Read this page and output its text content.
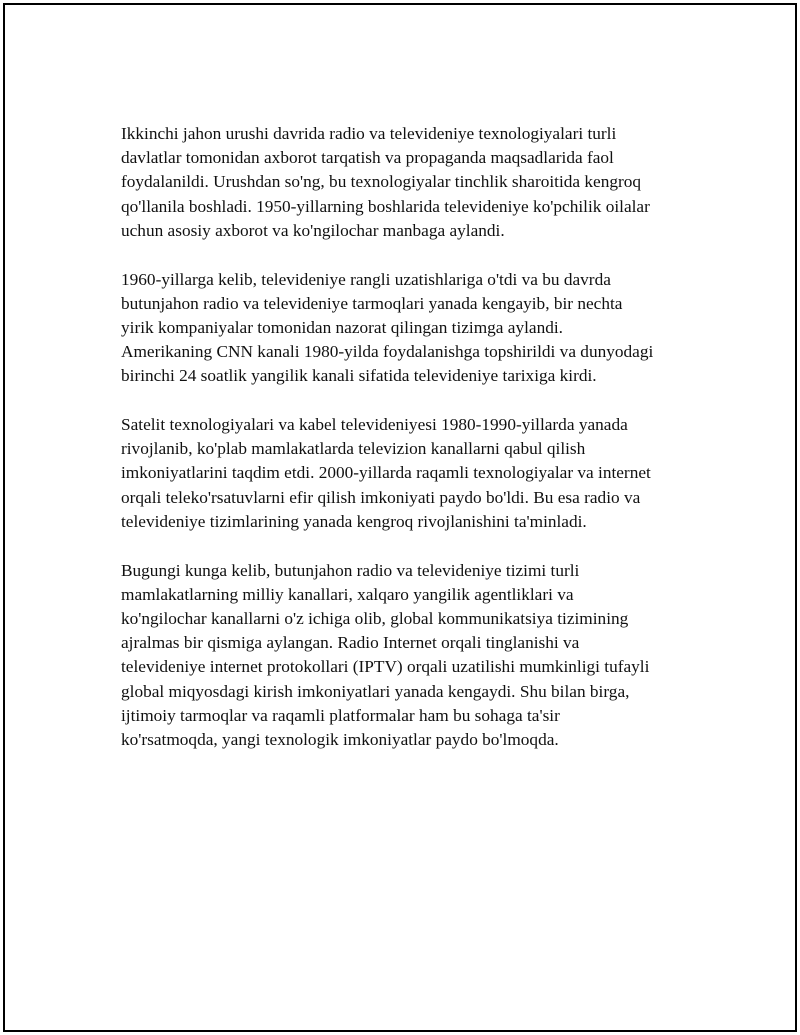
Ikkinchi jahon urushi davrida radio va televideniye texnologiyalari turli
davlatlar tomonidan axborot tarqatish va propaganda maqsadlarida faol
foydalanildi. Urushdan so'ng, bu texnologiyalar tinchlik sharoitida kengroq
qo'llanila boshladi. 1950-yillarning boshlarida televideniye ko'pchilik oilalar
uchun asosiy axborot va ko'ngilochar manbaga aylandi.

1960-yillarga kelib, televideniye rangli uzatishlariga o'tdi va bu davrda
butunjahon radio va televideniye tarmoqlari yanada kengayib, bir nechta
yirik kompaniyalar tomonidan nazorat qilingan tizimga aylandi.
Amerikaning CNN kanali 1980-yilda foydalanishga topshirildi va dunyodagi
birinchi 24 soatlik yangilik kanali sifatida televideniye tarixiga kirdi.

Satelit texnologiyalari va kabel televideniyesi 1980-1990-yillarda yanada
rivojlanib, ko'plab mamlakatlarda televizion kanallarni qabul qilish
imkoniyatlarini taqdim etdi. 2000-yillarda raqamli texnologiyalar va internet
orqali teleko'rsatuvlarni efir qilish imkoniyati paydo bo'ldi. Bu esa radio va
televideniye tizimlarining yanada kengroq rivojlanishini ta'minladi.

Bugungi kunga kelib, butunjahon radio va televideniye tizimi turli
mamlakatlarning milliy kanallari, xalqaro yangilik agentliklari va
ko'ngilochar kanallarni o'z ichiga olib, global kommunikatsiya tizimining
ajralmas bir qismiga aylangan. Radio Internet orqali tinglanishi va
televideniye internet protokollari (IPTV) orqali uzatilishi mumkinligi tufayli
global miqyosdagi kirish imkoniyatlari yanada kengaydi. Shu bilan birga,
ijtimoiy tarmoqlar va raqamli platformalar ham bu sohaga ta'sir
ko'rsatmoqda, yangi texnologik imkoniyatlar paydo bo'lmoqda.
